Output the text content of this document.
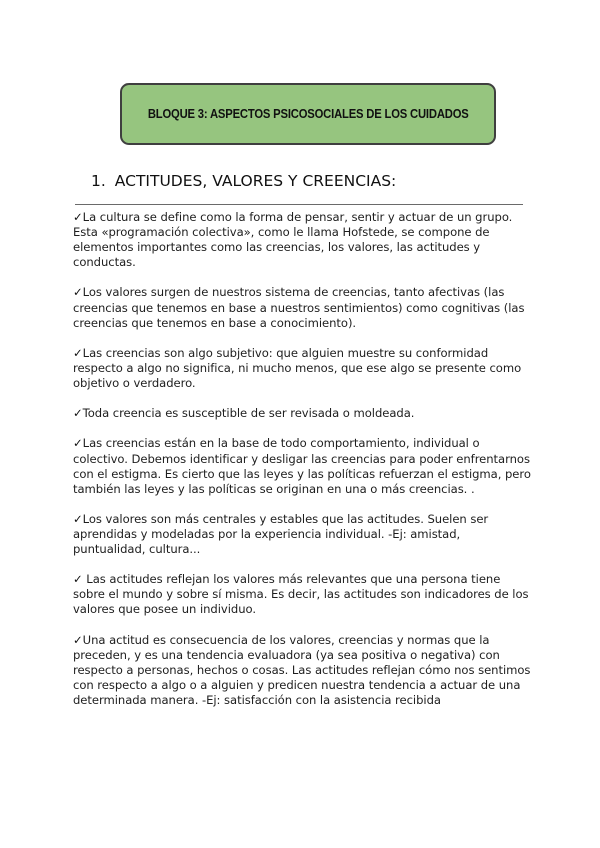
BLOQUE 3: ASPECTOS PSICOSOCIALES DE LOS CUIDADOS
1. ACTITUDES, VALORES Y CREENCIAS:

✓La cultura se define como la forma de pensar, sentir y actuar de un grupo. Esta «programación colectiva», como le llama Hofstede, se compone de elementos importantes como las creencias, los valores, las actitudes y conductas.

✓Los valores surgen de nuestros sistema de creencias, tanto afectivas (las creencias que tenemos en base a nuestros sentimientos) como cognitivas (las creencias que tenemos en base a conocimiento).

✓Las creencias son algo subjetivo: que alguien muestre su conformidad respecto a algo no significa, ni mucho menos, que ese algo se presente como objetivo o verdadero.

✓Toda creencia es susceptible de ser revisada o moldeada.

✓Las creencias están en la base de todo comportamiento, individual o colectivo. Debemos identificar y desligar las creencias para poder enfrentarnos con el estigma. Es cierto que las leyes y las políticas refuerzan el estigma, pero también las leyes y las políticas se originan en una o más creencias. .

✓Los valores son más centrales y estables que las actitudes. Suelen ser aprendidas y modeladas por la experiencia individual. -Ej: amistad, puntualidad, cultura...

✓ Las actitudes reflejan los valores más relevantes que una persona tiene sobre el mundo y sobre sí misma. Es decir, las actitudes son indicadores de los valores que posee un individuo.

✓Una actitud es consecuencia de los valores, creencias y normas que la preceden, y es una tendencia evaluadora (ya sea positiva o negativa) con respecto a personas, hechos o cosas. Las actitudes reflejan cómo nos sentimos con respecto a algo o a alguien y predicen nuestra tendencia a actuar de una determinada manera. -Ej: satisfacción con la asistencia recibida
